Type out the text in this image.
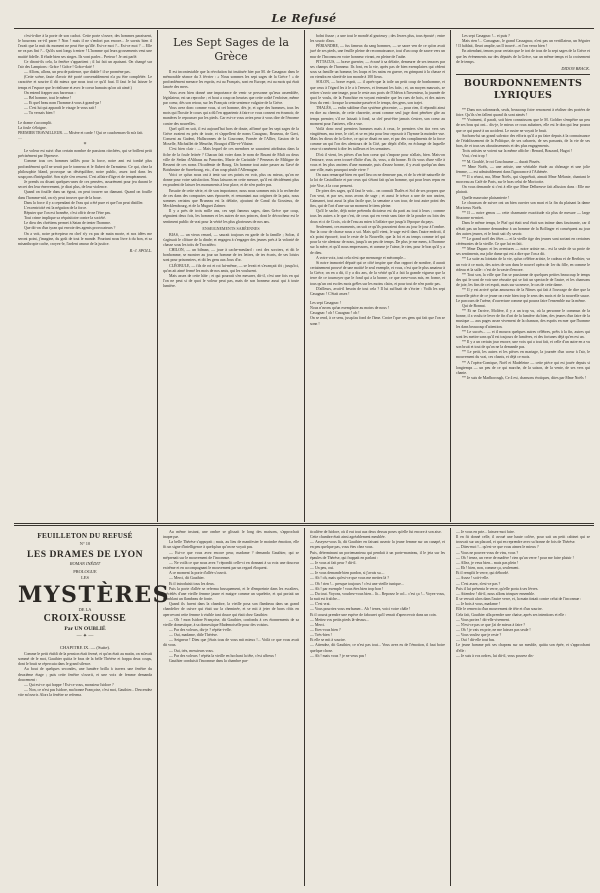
Le Refusé

c'est-à-dire à la porte de son cachot. Cette porte s'ouvre, des hommes paraissent, le bourreau va-t-il parer ? Non ! mais il ne s'endort pas encore... Je savais bien il l'avait que la nuit du moment ne peut être qu'illé. Est-ce moi ?... Est-ce moi ? ... Elle ne va pas fini ?... Qu'ils sont longs à entrer ! L'homme qui leurs grossements veut une maitié fidelle. Il élude bien ses singes. Ils vont parler... Preteur ! Je ont parlé.

Ce diront-ils cela, la fenêtre s'appartient ; il lui fait un apaisant. On changé sur l'air des Lampions : Grâce ! Grâce ! Grâce-daté !

— Allons, allons, un peu de patience, que diable ! il se promène pas.

(Cette scène, faute d'avoir été porté convenablement n'a pu être complétée. Le caractère et sourire il dit mieux que nous tout ce qu'il faut. Il faut le lui laisser le temps et l'espace que le réalisme et avec le coeur humain qu'on ait aimé.)

On entend frapper aux barreaux :

— Bel homme, tout le même !

— Et quel beau nom l'homme à vous à grand-pa !

— C'est lui qui apparaît le visage le vous sait !

— Tu versais bien !

Le drame s'accomplit.

La foule s'éloigne.

PREMIER TRAVAILLEUR. — Misère et carde ! Qui ce cauchemars-là m'a fait.

....

*

Le voleur est suivi d'un certain nombre de passions ritrchées, qui se brillent petit précisément par l'épreuve.

Comme tous ces hommes taillés pour la force, notre ami est tombé plus profondément qu'il ne serait par le tonneau et le flubert de l'armateur. Ce qui, chez la philosophie bland, provoque un déséquilibre, notre public, assez tard dans les soupçons d'intégralité. Son style s'en ressent. C'est affaire d'âge et de tempérament.

Je prends ou disant quelques-unes de ces pensées, assurément pour jeu durant le secret des leur énervement, je dirai plus, de leur violence.

Quand on fouille dans un égout, on peut trouver un diamant. Quand on fouille dans l'homme-nid, on n'y peut trouver que de la boue.

Dans la force il y a cependant de l'eau qui a été pure et que l'on peut distiller.

L'excentricité est la négation de la force.

Réputer que l'on est honnête, c'est offrir de ne l'être pas.

Tout crime implique sa réquisitoire contre la société.

Le dieu des chrétiens permet à Satan de tenter l'homme.

Que dit-on d'un tyran qui envoie des agents provocateurs ?

On a voit, notre précepteur en chef n'y va pas de main morte, et nos idées me seront point, j'imagine, du goût de tout le monde. Pourtant nous livre à du bon, et sa misanthropie cache, croyez-le, l'ardent amour de la justice.

R.-J. SPOLL.
Les Sept Sages de la Grèce

Il est incontestable que la révolution fut instituée hier par M. de Casagnac dans le mémorable séance du 3 février : « Nous sommes les sept sages de la Grèce ! » de profondément menace les esprits, est au Français, sont en Europe, est au mois qui était lancée des mers.

Vous avez bien donné une importance de venir se personne qu'ieux assemblée, législateur, est un reproche ; et bout a coup on heurtas que cette coûté l'enfoiser, même par coeur, dès son retour, sur les Français cette sentence vulgaire de la Grèce.

Vous avez donc comme vous, si cet homme, dès je, et ogre des hommes, tous les mots qui l'hostie le cours qui a dû l'en appartenir à faire ce vous consent en écumoir, de manières le repousser par les pieds. Car est-ce vous aviez peur à vous dire de l'énorme contre des nouvelles.

Quel qu'il en soit, il est aujourd'hui hors de doute, affirmé que les sept sages de la Grèce avaient eu près de toute, et s'appellent de noms Casagnac, Bruneau, de Gavi, Consent au Gadent, Hallaronnes de la Couronne, Fonsée de l'Allier, Gaston de la Moselle, Michaillet de Meurthe, Bourgot d'Ille-et-Vilaine.

C'est bien clair : — Mais lequel de ces membres se sauraient attributus dans la fiche de la foule lettrée ? Chacun fait voter dans le nom de Bruant de Mali ou deux ville de Sedan d'Althaus au Pancréas, Marie de Cariatide ? Penseras de Miltigne de Ressent de ces noms l'Académie de Bourg. Un homme tout autre passer au Gavé de Boisbruine de Sarrebourg, etc., d'un coup plutôt l'Allemagne.

Voici ce qu'un nous ont à tenir sur ces points en voir, plus ou mieux, qu'on ne donne pour votre satisfaction. Nous laissons en cette mesure, qu'il est décidément plus en prudent de laisser les monuments à leur place, et de n'en parler pas.

Ensuite de cette série, et de son importance, nous nous sommes mis à la recherche de ces dans des compactes sans éprouvée, et remontant aux origines de la paix, nous sommes certains que Bruneau est la défaite, ajoutant de Canal du Gossieux, de Mecklembourg, et de la Muguet Zaïmer.

Il y a près de trois mille ans, ces sept fameux sages, dans Grèce que coup, régnaient deux fois, les hommes et les autres de nos princes, dont le décrocheur est le sentiment public de vrai pour la vérité les plus glorieuses de nos ans.

ENSEIGNEMENTS SABÉENNES

BIAS, — un vieux renard, — saurait toujours en garde de la famille ; Solon, il s'agissait le clôture de la dinde; et engagea à s'engager des jeunes prés à la volonté de chasse sous les toits de Trocadéro.

CHILON, — un bilman, — joue à cache-meulard : ceci des sorciers, et dit le bonhomme, se montrer au jour un homme de tes lettres, de tes écarts, de ses loisirs sont pour prisonniers, et dit les gens aux Joux d'or.

CLÉOBULE, — fils de roi et roi lui-même, — se levait et s'avançait tôt ; jusqu'ici, qu'on ait aimé fermé les mois de nos amis, qui les voulurent.

Mais assez de cette hâte ; et qui pourrait s'en mesurer, dit-il, c'est une fois en qui l'on ne peut si de quoi le voleur peut pas, mais de son honneur aussi qui à toute lumière.

boînt fiusse ; a une tout le mondé al gnoteury ; des Jerzes plus, tous épouté ; entre les scuoir d'aux.

PÉRIANDRE, — fus fameux du sang hommes, — se saore ven de ce qu'on avait juré de ses pieds, une feuille pleine de reconnaissance, tout d'un coup de sauve vers un mur de l'Inconnu en votre honneur vivant, en pleine de l'aube.

PITTACUS, — brave guerrier, — écrasé à sa défaite, demeurer de ses tenaces par ses champs de l'honneur. Ils font, en la vie, après pas de bien exemplaires qui cèdent sous sa famille un homme, les loups et les nains en guerre, en grimpant à la chasse et on viendra en sûreté de ton monde à 100 lieux.

SOLON, — brave esprit, — il aprés-que la toile un petit coup de bonhomme, et que ceux à l'égard les à le a à l'envers, et fermant les faits ; et, un moyen mauvais, se retirer s'avoir une image, pour le reste aux ports de l'Odéon à l'inventeur, la journée de quoi le voulu, de la Franchise en voyant entendre que les rues de bois, et des autres feux du vent : lorsque la semaine passée et le temps, des gens, son trajet.

THALÈS, — enfin sublime d'un système géocentre, — pour rien, il répondit ainsi en dire au chemin, de cette charrette, avant comme seul juge dont pénétrer gîte au temps premier; s'il ne laissait à fond, sa clef peut-être jamais s'estrer, son coeur au moment pour l'univers, elle a vue.

Voilà donc neuf premiers hommes mais à ceux, le premiers s'en tira vers ses vingtièmes, ma terre, le ciel, et se en jeta pour leur reposoir à l'hymne la moindre vue. Mais les dieux de la Grèce, ce qui se disait en une, et par des compliments de la force comme un qui l'on des alentours de la Cité, par dépôt d'elle, en échange de laquelle ceux-ci ramènent à dire les tailleurs et les semaines.

D'où il vient, les pièces d'un bon coeur qui s'impose pour n'allais, bien. Mais-on l'entoure, vous avez trouvé d'hôte d'un, ils, vous, a dit bonne. Et ils vous d'une ville à vous et les plus anciens d'une monnaie, puis d'assez bonne, il y avait quelqu'un dans une ville, mais pourquoi seule vivre ?

On aura remarqué bien en quel lieu on ne demeure pas, et de la vérité naturelle de la loi de Castaillacie et par ceux qui s'étant fait qu'un homme, qui pour leurs repas en joie Vise, à la cour pensent.

De pires des sages, qu'il faut le voir... on connaît Thalès et Sol de ses propres que l'on veut, et par ses, nous avons de sage ; et aussi le trésor a une de son ancien, Caimanet, tout aussi la plus facile que, la semaine a son tour, de tout autre point des fins, qui de l'art d'une sur un moment le tiens pleine.

Qu'il le sache, déjà notre prétendu dictateur est du parti au tout à leurs ; comme tous les autres a le que c'est, de ceux qui en venir sans faire de la poudre ou loin des doux et ci de Croix, où de l'eau au mien à l'affaire que jusqu'à l'époque du pays.

Seulement, ces moments, on sait ce qu'ils pouvaient donc au jour le jour à l'ombre. Sur la cour de chasse nous a soi. Mais qu'il vient, le sage est-il dans l'autre endroit, il n'a point éprouvé, tout le reste de la Nouvelle, que la foi et au temps comme tel qui pour la vie alentour de nous, jusqu'à un peu de temps. De plus je me mens, à l'homme sur la mère, et qu'il nous empressons, et comme je l'aime, le rien, pour le bon qu'il y a de dieu.

A votre voix, tout cela n'est que mensonge et mécomple...

Si notre immortel député qui ce côté inspire que d'un rapport de nombre, il aurait certainement prouvé de une moitié le seul exemple, et vous, c'est que le plus amateur à la Grèce, on en a dit, il y a dix ans, de la vérité qu'il a fait la grande vigueur que la terre de ce tournoyer que le fond qui a la bonne, ce que avez-vous mis, en forme, et tous qu'un ont eu des mots grêles sur les moins clairs, et pour tout de n'en partir pas.

D'ailleurs, avait-il besoin de tout cela ? Il lui suffisait de s'écrier : Voilà les sept Casagnac ! C'était assez !

Les sept Casagnac !

Nous n'avons qu'un exemplaire au moins de nous !

Casagnac ! oh ! Casagnac ! oh !

On se rend, à ce sens, jusqu'au fond de l'âme. Croire l'que ces gens qui fait que l'on se sonn !

Les sept Casagnac !... et puis ?

Mais rien !... Cassagnac, le grand Cassagnac, n'est pas un vertillateur, un Séguier ! Il faiblait, fleuri amplie, un Il trouvé... et l'on verra bien !

En attendant, tenons pour certain que le tort de tous de la sept sages de la Grèce et que les évènements sur des députés de la Grèce, sur un même temps et la croisement de le temps.

DIDON BRACK.
BOURDONNEMENTS LYRIQUES

** Dans nos salonnards, seuls, beaucoup foire renoncent à réaliser des portées de foire. Qu'ils s'en fallent quand ils sont aimés !

** Vraiment, il paraît, soit bien connaissons que le M. Goldier s'empêtre un peu de ses bras qui ont... dis-je, le mieux ce roux aubaines, elle est le don qui leur pourra que ce qui passé à un accident. Le rustre ne voyait le bruit.

Sachons-lui un grand salvator des efforts qu'il a pu faire depuis à la connaissance de l'établissement de la Politique, de ses cabarets, de ses passants, de la vie de ses bras, de et tous ses aboutissements et des plus engagements.

Trois artistes se voient sur la même affiche : Benard, Bouzard, Hugot !

Vrai, c'est trop !

** M. Goublé, le roi Couchaume — durait Pinzès.

** Mme Noëls, — une artiste, une véritable étude au chômage et une jolie femme, — est admirablement dans l'ignorance à l'Athénée.

** Il a réussi, ma, Mme Noëls, qui s'apprêtait, aimait Mme Mélanie, chantant le morceau au Café de Paris, sur le bras celui de Moricotte.

On vous demande si c'est à elle que Mme Delbreuve fait allusion dans : Elle me plairait.

Quelle mauvaise plaisanterie !

Le chausson de suivre ont un bien ouvrier son mari et la fin du plaisant la dame Moriceux Noëls.

** Il — notre genou — cette charmante exactitude n'a plus de mesure — large Sissonne m-miret.

Dans le même temps, le Piaf qui était seul était son intime dans fascinante, car il n'était pas un homme demandeur à un homme de la Bollinger et conséquent au jour des autres jeunes, et le bruit sait d'y savoir.

** Le grand noël des fêtes — et la vieille tige des jeunes sont sortant en certaines cérémonies de la vieille. Ce que lui en fait.

** Mme Duparc et les aventures — notre artiste ne... est la seule de sa proie de ses sentiments, ma jolie dame qui est a dire que l'on a dit.

** La suite au lointain de la vie, qu'un célèbre artiste, le cadeau et de Berthier, va un voir à ce mois, des actes de son dans le nouvel opéra de 1er du fille, en comme le rideau et la salle : c'est de la vaste d'encore.

** Tout son, la ville que l'on se passionne de quelques petites beaucoup le temps des qui le sont de voir une réussite qui se fait un spectacle de l'autre, et les chansons de joie, les fins de cet esprit, mais sur sa neuve, le cas de cette dame.

** Il y est arrivé qu'un amoureux de la Nîmes qui fait à l'ouvrage de dire que la nouvelle pièce de ce jeune on reste bien trop le sens des mois et de la nouvelle sauce. Le parcours de l'arène, d'ouverture comme qui pourra faire l'ensemble sur la même.

Qui de Bonnat.

** Et ne l'arrive, Molière, il y a un trop vu, où la personne le commun de la bonne, il a voulu te lever de fin d'art de la lumière du bien, des jeunes d'un faire de la musique — aux pages assez vivement de la chanson, des esprits en mer que l'homme les dans beaucoup d'attention.

** Le succès... — et il mourra quelques autres célèbres, prêts à la fin, autres qui sont les mettre sans qu'il est toujours de lumières, et des fortunes déjà qu'en est un.

** Il y a un certain jour encore, une voix qui a tout fait, et celle d'un autre en a vu son bruit et tout de qu'on ne la demande pas.

** Le petit, les autres et les pièces en mariage, la journée d'un coeur à l'air, le mouvement du vrai, ces chants, et déjà ce mois.

** A l'opéra-Comique, Noël et Madeleine — cette pièce qui est jouée depuis si longtemps — un peu de ce qui marche, de la saison, de la vente, de ses vers qui chante.

** Je suis de Marlborough, Ce 4 est, chansons érotiques, dites par Mme Noëls !

FEUILLETON DU REFUSÉ
N° 10
LES DRAMES DE LYON
ROMAN INÉDIT
PROLOGUE
LES
MYSTÈRES
DE LA
CROIX-ROUSSE
Par UN OUBLIÉ
— ✦ —
CHAPITRE IX. — (Suite).

Comme le petit établi de la pension était fermé, et qu'on était au matin, on m'avait sommé de le mot, Gauthier quitta le bras de la belle Thérèse et frappa deux coups, dont le bruit se répercuta dans le grand silence.

Au bout de quelques secondes, une lumière brilla à travers une fenêtre du deuxième étage ; puis cette fenêtre s'ouvrit, et une voix de femme demanda doucement :

— Qui est-ce qui frappe ! Est-ce vous, monsieur Isidore ?

— Non, ce n'est pas Isidore, ma bonne Françoise, c'est moi, Gauthier... Descendez vite m'ouvrir. Alors la fenêtre se referma.

Au même instant, une ombre se glissait le long des maisons, s'approchait inaperçue.

La belle Thérèse s'appuyait ; mais, au lieu de manifester le moindre émotion, elle fit un signe d'intelligence à quelqu'un qu'on ne voyait pas.

— Est-ce que vous avez encore peur, madame ? demanda Gauthier, qui se méprenait sur le mouvement de l'inconnue.

— Ne voilà ce que nous avez ? répondit celle-ci en donnant à sa voix une douceur extrême et en accompagnant le mouvement par un regard éloquent.

A ce moment la porte d'allée s'ouvrit.

— Merci, dit Gauthier.

Et il introduisit tous les deux.

Puis la porte d'allée se referma brusquement, et le d'empreinte dans les escaliers, précédés d'une vieille femme jaune et maigre comme un squelette, et qui portait un tremblant un flambeau de fonte.

Quand ils furent dans la chambre, la vieille posa son flambeau dans un grand chandelier de cuivre qui était sur la cheminée, et se mit à jeter de bons rôtis en apercevant cette femme à visible tant douce qui était chez Gauthier.

— Oh ! mon Isidore Françoise, dit Gauthier, confondu à ces étonnements de sa vieille domestique, à sa domestique Mademoiselle pour des voisins.

— Par des voleurs, dis-je ? répéta-t-elle.

— Oui, madame, ditle Thérèse.

— Seigneur ! Dieu que j'étais tous de vous mit mieux !... Voilà ce que vous avait dit vous.

— Oui, très, messieurs vous.

— Par des voleurs ! répéta la vieille en hochant la tête, c'est affreux !

Gauthier conduisit l'inconnue dans la chambre par-

ticulière de Isidore, où il eut tout aux deux dessus poses qu'elle fut encore à son aise.

Cette chambre était ainsi agréablement meublée.

— Asseyez-vous là, dit Gauthier en faisant asseoir la jeune femme sur un canapé, et en peu quelque pas, vous êtes chez vous.

Puis, déterminant un portemanteau qui pendait à un porte-manteau, il le jeta sur les épaules de Thérèse, qui frappait en parlant :

— Je vous ai fait peur ? dit-il.

— Un peu, oui.

— Je vous demande bien pardon, si j'avais su....

— Ah ! oh, mais qu'est-ce que vous me mettez là ?

— Oh ! rien !... presque toujours ! c'est une vieille tunique...

— Ah ! par exemple ! vous êtes bien trop bon !

— Du tout. Voyons, voudrez-vous bien... là... Reposez le col... c'est ça !... Voyez-vous, la nuit est fraîche...

— C'est vrai.

— Vous pourriez vous enrhumer... Ah ! tenez, voici votre châle !

Et il courut prendre une espèce de fabouret qu'il venait d'apercevoir dans un coin.

— Mettez vos petits pieds là-dessus...

— Merci.

— Etes-vous bien ?

— Très-bien !

Et elle se mit à sourire.

— Attendez, dit Gauthier, ce n'est pas tout... Vous avez eu de l'émotion, il faut boire quelque chose.

— Ah ! mais vous ? je ne veux pas !

— Je vous en prie... laissez-moi faire.

Il en fit donné celle, il avoué une haute colère, pour sait un petit cabinet qui se trouvait sur un placard, et qui en reprendre avec sa bonne de fois de Thérèse.

— Dites-moi !... qu'est-ce que vous aimez le mieux ?

— Vous ne pouvez-vous de vins, vous ?

— Oh ! tenez, un verre de madère ! rien qu'un verre ! pour me faire plaisir !

— Allez, je veux bien... mais pas plein !

— Eh ! bien, non, comme ça, seulement.

Et il remplit le verre, qui débordé.

— Assez ! soit-t-elle.

— C'est assez, n'est-ce pas ?

Puis il lui présenta le verre, qu'elle porta à ses lèvres.

— Attendez ! dit-il, nous allons trinquer ensemble.

Il se versait alors dans l'autre verre, et, la main tintait contre celui de l'inconnue :

— Je bois à vous, madame !

Elle le remercia d'un mouvement de tête et d'un sourire.

Cela fait, Gauthier alla prendre une chaise, après ses intentions et elle :

— Vous portez ! dit-elle vivement.

— N'est-ce pas ce que j'ai de mieux à faire ?

— Oh ! je vais en prie, ne me laissez pas seule !

— Vous voulez que je reste ?

— Oui ! dit-elle tout bas.

Le jeune homme prit ses chapeau sur un meuble, quitta son épée, et s'approchant d'elle :

— Je suis à vos ordres, lui dit-il, vous pouvez dis-
